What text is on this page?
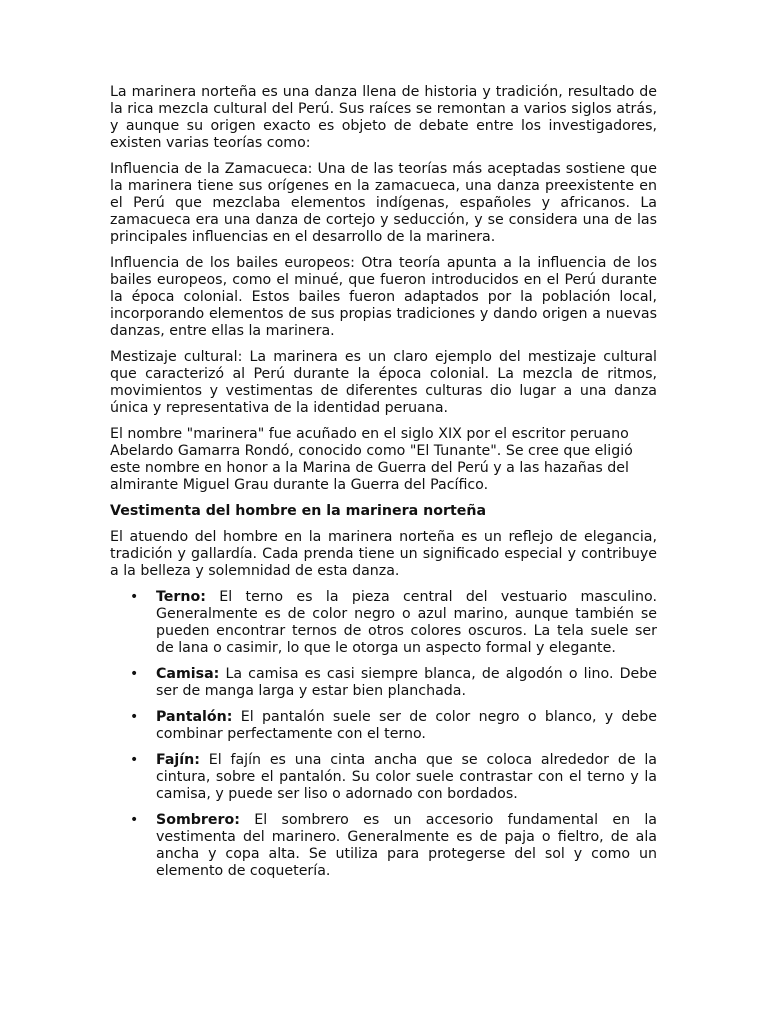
La marinera norteña es una danza llena de historia y tradición, resultado de la rica mezcla cultural del Perú. Sus raíces se remontan a varios siglos atrás, y aunque su origen exacto es objeto de debate entre los investigadores, existen varias teorías como:

Influencia de la Zamacueca: Una de las teorías más aceptadas sostiene que la marinera tiene sus orígenes en la zamacueca, una danza preexistente en el Perú que mezclaba elementos indígenas, españoles y africanos. La zamacueca era una danza de cortejo y seducción, y se considera una de las principales influencias en el desarrollo de la marinera.

Influencia de los bailes europeos: Otra teoría apunta a la influencia de los bailes europeos, como el minué, que fueron introducidos en el Perú durante la época colonial. Estos bailes fueron adaptados por la población local, incorporando elementos de sus propias tradiciones y dando origen a nuevas danzas, entre ellas la marinera.

Mestizaje cultural: La marinera es un claro ejemplo del mestizaje cultural que caracterizó al Perú durante la época colonial. La mezcla de ritmos, movimientos y vestimentas de diferentes culturas dio lugar a una danza única y representativa de la identidad peruana.

El nombre "marinera" fue acuñado en el siglo XIX por el escritor peruano Abelardo Gamarra Rondó, conocido como "El Tunante". Se cree que eligió este nombre en honor a la Marina de Guerra del Perú y a las hazañas del almirante Miguel Grau durante la Guerra del Pacífico.

Vestimenta del hombre en la marinera norteña

El atuendo del hombre en la marinera norteña es un reflejo de elegancia, tradición y gallardía. Cada prenda tiene un significado especial y contribuye a la belleza y solemnidad de esta danza.

• Terno: El terno es la pieza central del vestuario masculino. Generalmente es de color negro o azul marino, aunque también se pueden encontrar ternos de otros colores oscuros. La tela suele ser de lana o casimir, lo que le otorga un aspecto formal y elegante.
• Camisa: La camisa es casi siempre blanca, de algodón o lino. Debe ser de manga larga y estar bien planchada.
• Pantalón: El pantalón suele ser de color negro o blanco, y debe combinar perfectamente con el terno.
• Fajín: El fajín es una cinta ancha que se coloca alrededor de la cintura, sobre el pantalón. Su color suele contrastar con el terno y la camisa, y puede ser liso o adornado con bordados.
• Sombrero: El sombrero es un accesorio fundamental en la vestimenta del marinero. Generalmente es de paja o fieltro, de ala ancha y copa alta. Se utiliza para protegerse del sol y como un elemento de coquetería.
